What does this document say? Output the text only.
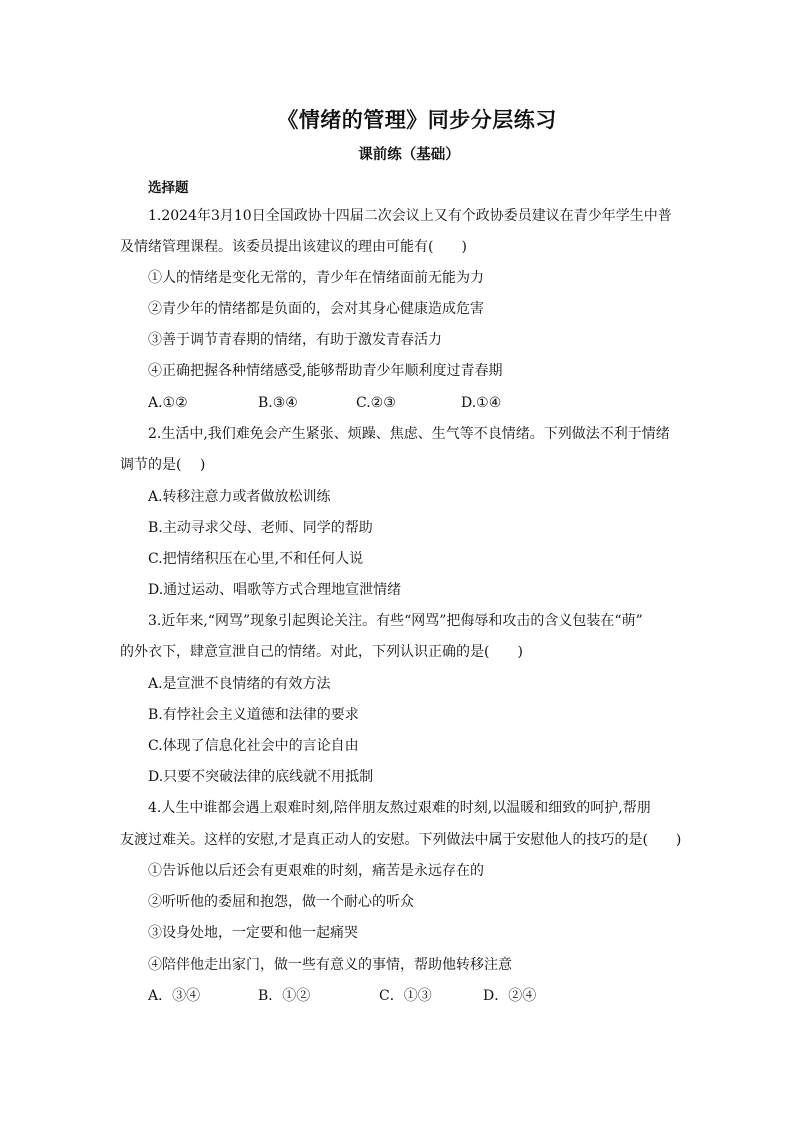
《情绪的管理》同步分层练习
课前练（基础）
选择题
1.2024年3月10日全国政协十四届二次会议上又有个政协委员建议在青少年学生中普
及情绪管理课程。该委员提出该建议的理由可能有(　　)
①人的情绪是变化无常的，青少年在情绪面前无能为力
②青少年的情绪都是负面的，会对其身心健康造成危害
③善于调节青春期的情绪，有助于激发青春活力
④正确把握各种情绪感受,能够帮助青少年顺利度过青春期
A.①②	B.③④	C.②③	D.①④
2.生活中,我们难免会产生紧张、烦躁、焦虑、生气等不良情绪。下列做法不利于情绪
调节的是(　 )
A.转移注意力或者做放松训练
B.主动寻求父母、老师、同学的帮助
C.把情绪积压在心里,不和任何人说
D.通过运动、唱歌等方式合理地宣泄情绪
3.近年来,“网骂”现象引起舆论关注。有些“网骂”把侮辱和攻击的含义包装在“萌”
的外衣下，肆意宣泄自己的情绪。对此，下列认识正确的是(　　)
A.是宣泄不良情绪的有效方法
B.有悖社会主义道德和法律的要求
C.体现了信息化社会中的言论自由
D.只要不突破法律的底线就不用抵制
4.人生中谁都会遇上艰难时刻,陪伴朋友熬过艰难的时刻,以温暖和细致的呵护,帮朋
友渡过难关。这样的安慰,才是真正动人的安慰。下列做法中属于安慰他人的技巧的是(　　)
①告诉他以后还会有更艰难的时刻，痛苦是永远存在的
②听听他的委屈和抱怨，做一个耐心的听众
③设身处地，一定要和他一起痛哭
④陪伴他走出家门，做一些有意义的事情，帮助他转移注意
A．③④	B．①②	C．①③	D．②④
